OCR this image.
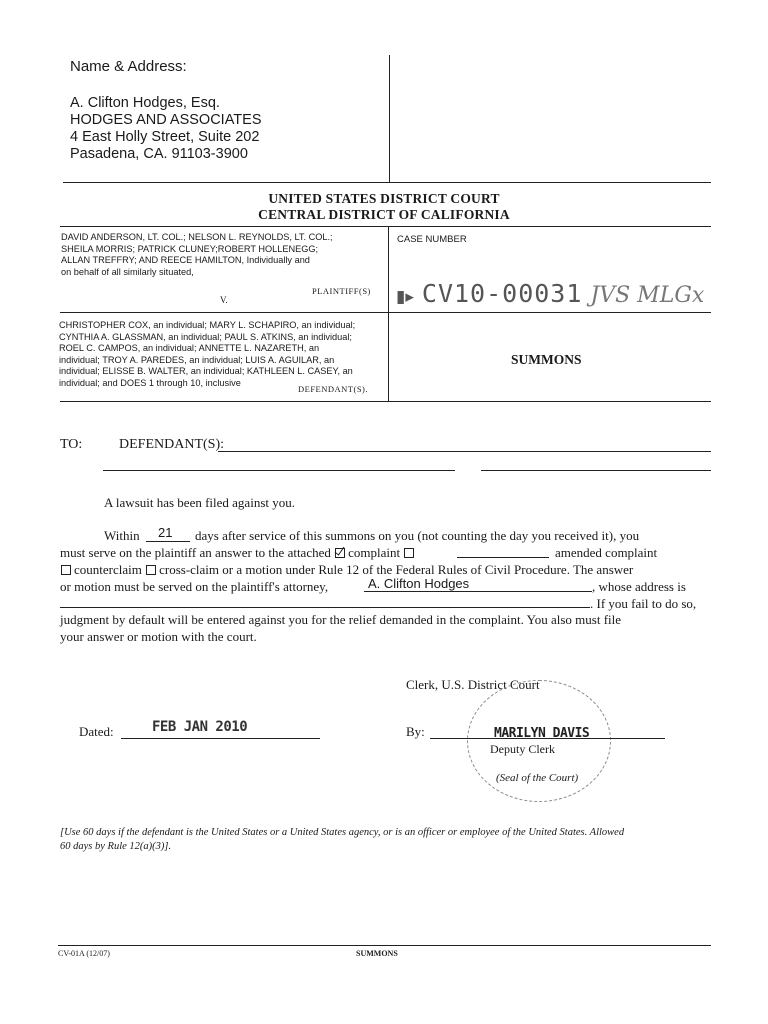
Name & Address:
A. Clifton Hodges, Esq.
HODGES AND ASSOCIATES
4 East Holly Street, Suite 202
Pasadena, CA. 91103-3900
UNITED STATES DISTRICT COURT
CENTRAL DISTRICT OF CALIFORNIA
DAVID ANDERSON, LT. COL.; NELSON L. REYNOLDS, LT. COL.;
SHEILA MORRIS; PATRICK CLUNEY;ROBERT HOLLENEGG;
ALLAN TREFFRY; AND REECE HAMILTON, Individually and
on behalf of all similarly situated,
PLAINTIFF(S)
V.
CHRISTOPHER COX, an individual; MARY L. SCHAPIRO, an individual;
CYNTHIA A. GLASSMAN, an individual; PAUL S. ATKINS, an individual;
ROEL C. CAMPOS, an individual; ANNETTE L. NAZARETH, an
individual; TROY A. PAREDES, an individual; LUIS A. AGUILAR, an
individual; ELISSE B. WALTER, an individual; KATHLEEN L. CASEY, an
individual; and DOES 1 through 10, inclusive
DEFENDANT(S).
CASE NUMBER
▮▸ CV10-00031 JVS MLGx
SUMMONS
TO:	DEFENDANT(S):
A lawsuit has been filed against you.
Within 21 days after service of this summons on you (not counting the day you received it), you
must serve on the plaintiff an answer to the attached complaint	amended complaint
counterclaim cross-claim or a motion under Rule 12 of the Federal Rules of Civil Procedure. The answer
or motion must be served on the plaintiff's attorney,	A. Clifton Hodges	, whose address is
. If you fail to do so,
judgment by default will be entered against you for the relief demanded in the complaint. You also must file
your answer or motion with the court.
Clerk, U.S. District Court
Dated:	FEB JAN 2010	By:	MARILYN DAVIS
Deputy Clerk
(Seal of the Court)
[Use 60 days if the defendant is the United States or a United States agency, or is an officer or employee of the United States. Allowed
60 days by Rule 12(a)(3)].
CV-01A (12/07)	SUMMONS
